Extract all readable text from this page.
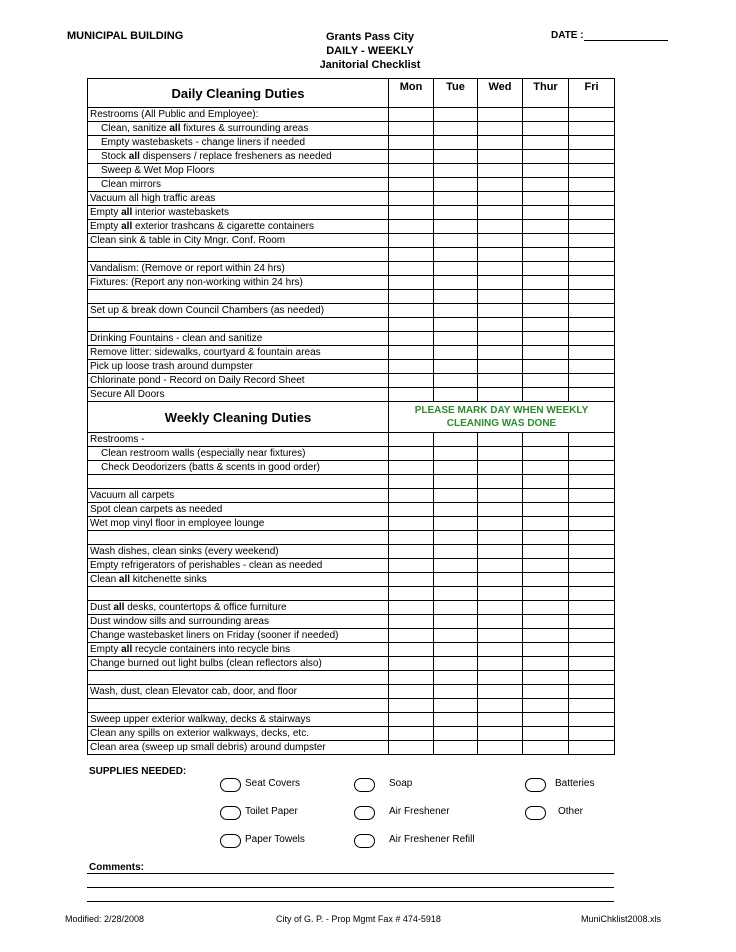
MUNICIPAL BUILDING	Grants Pass City
DAILY - WEEKLY
Janitorial Checklist
DATE :
Daily Cleaning Duties	Mon	Tue	Wed	Thur	Fri
Restrooms (All Public and Employee):					
Clean, sanitize all fixtures & surrounding areas					
Empty wastebaskets - change liners if needed					
Stock all dispensers / replace fresheners as needed					
Sweep & Wet Mop Floors					
Clean mirrors					
Vacuum all high traffic areas					
Empty all interior wastebaskets					
Empty all exterior trashcans & cigarette containers					
Clean sink & table in City Mngr. Conf. Room					

Vandalism: (Remove or report within 24 hrs)					
Fixtures: (Report any non-working within 24 hrs)					

Set up & break down Council Chambers (as needed)					

Drinking Fountains - clean and sanitize					
Remove litter: sidewalks, courtyard & fountain areas					
Pick up loose trash around dumpster					
Chlorinate pond - Record on Daily Record Sheet					
Secure All Doors					
Weekly Cleaning Duties	PLEASE MARK DAY WHEN WEEKLY
CLEANING WAS DONE				

Restrooms -					
Clean restroom walls (especially near fixtures)					
Check Deodorizers (batts & scents in good order)					

Vacuum all carpets					
Spot clean carpets as needed					
Wet mop vinyl floor in employee lounge					

Wash dishes, clean sinks (every weekend)					
Empty refrigerators of perishables - clean as needed					
Clean all kitchenette sinks					

Dust all desks, countertops & office furniture					
Dust window sills and surrounding areas					
Change wastebasket liners on Friday (sooner if needed)					
Empty all recycle containers into recycle bins					
Change burned out light bulbs (clean reflectors also)					

Wash, dust, clean Elevator cab, door, and floor					

Sweep upper exterior walkway, decks & stairways					
Clean any spills on exterior walkways, decks, etc.					
Clean area (sweep up small debris) around dumpster					
SUPPLIES NEEDED:
Seat Covers	Soap	Batteries
Toilet Paper	Air Freshener	Other
Paper Towels	Air Freshener Refill
Comments:
Modified: 2/28/2008	City of G. P. - Prop Mgmt Fax # 474-5918	MuniChklist2008.xls
